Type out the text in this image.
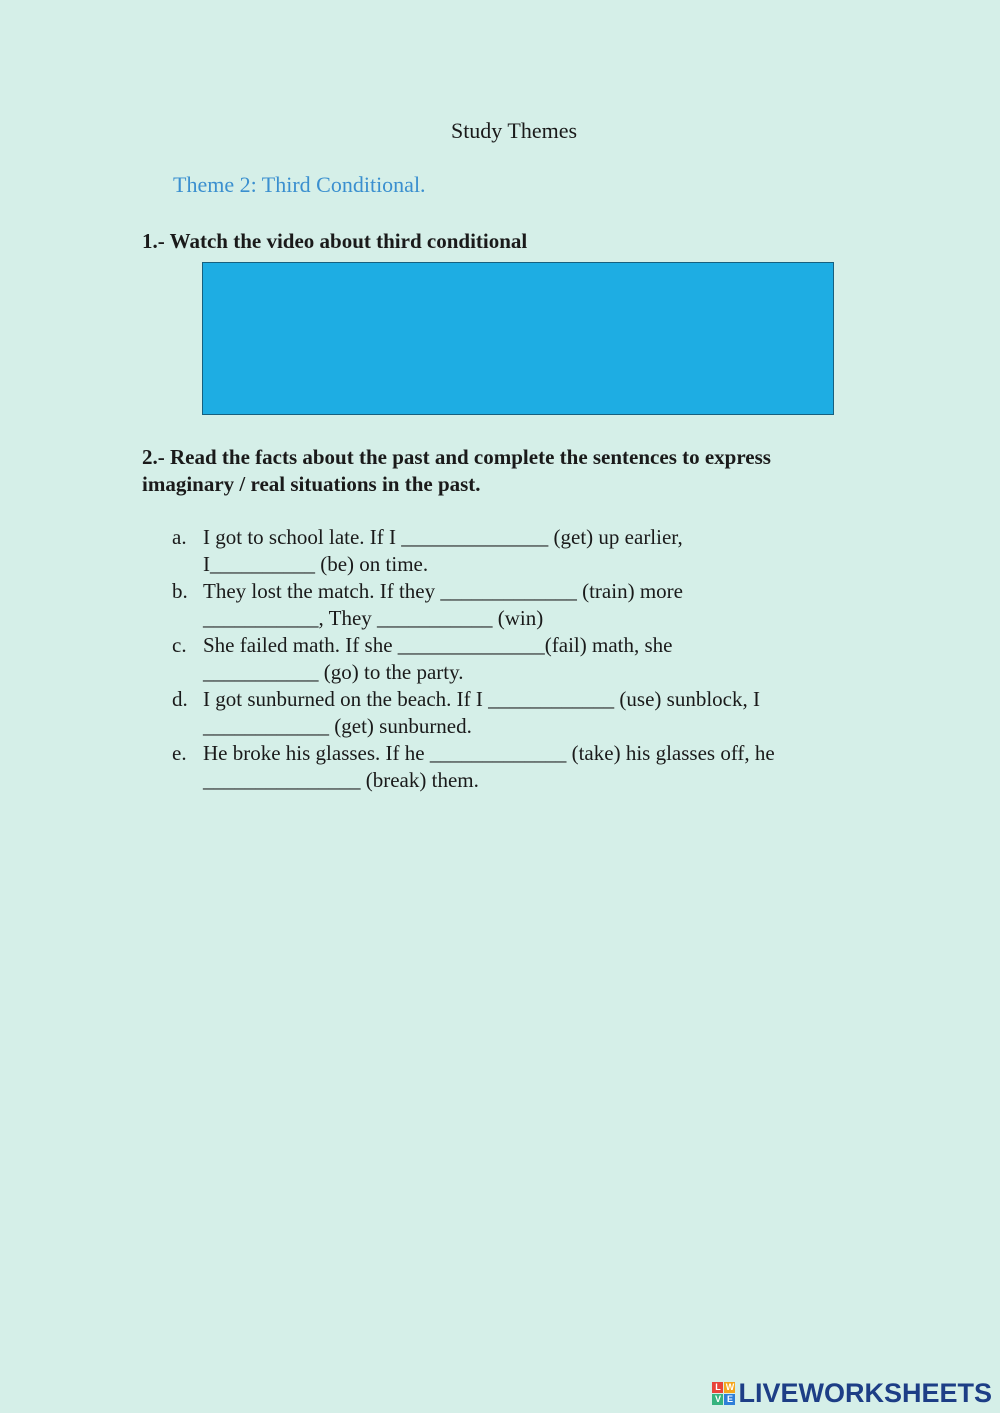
Study Themes
Theme 2: Third Conditional.
1.- Watch the video about third conditional
2.- Read the facts about the past and complete the sentences to express imaginary / real situations in the past.
a. I got to school late. If I ______________ (get) up earlier,
I__________ (be) on time.
b. They lost the match. If they _____________ (train) more
___________, They ___________ (win)
c. She failed math. If she ______________(fail) math, she
___________ (go) to the party.
d. I got sunburned on the beach. If I ____________ (use) sunblock, I
____________ (get) sunburned.
e. He broke his glasses. If he _____________ (take) his glasses off, he
_______________ (break) them.
L W
V E LIVEWORKSHEETS
